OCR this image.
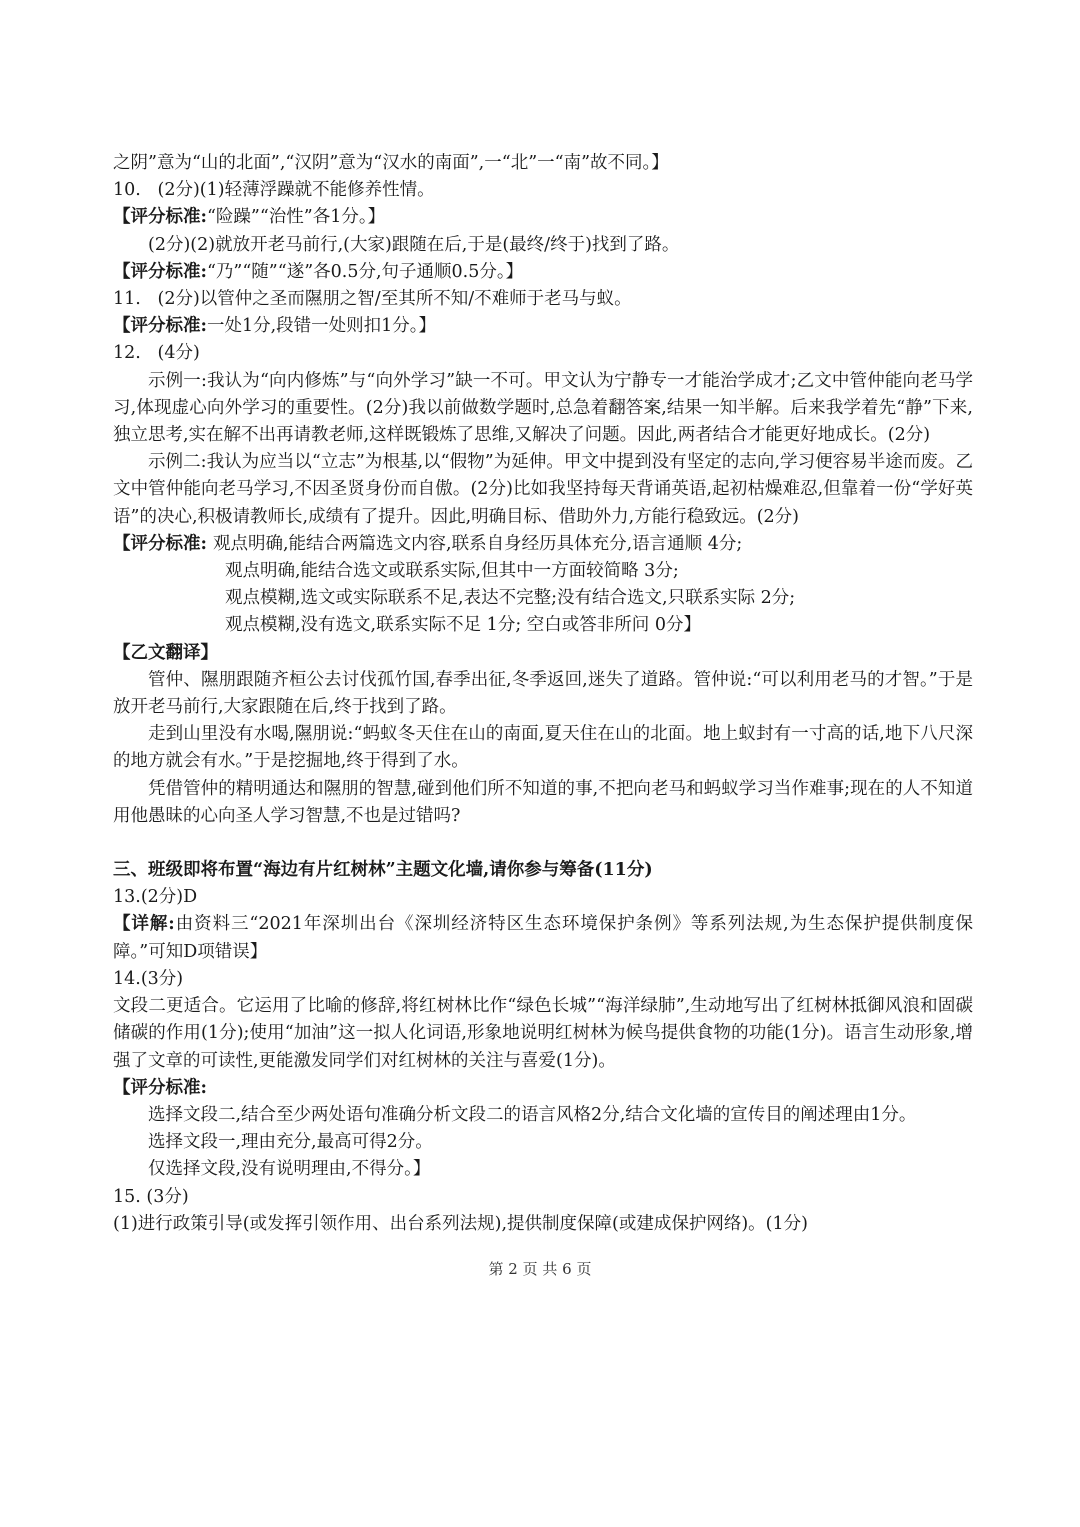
之阴”意为“山的北面”,“汉阴”意为“汉水的南面”,一“北”一“南”故不同。】
10.   (2分)(1)轻薄浮躁就不能修养性情。
【评分标准:“险躁”“治性”各1分。】
(2分)(2)就放开老马前行,(大家)跟随在后,于是(最终/终于)找到了路。
【评分标准:“乃”“随”“遂”各0.5分,句子通顺0.5分。】
11.   (2分)以管仲之圣而隰朋之智/至其所不知/不难师于老马与蚁。
【评分标准:一处1分,段错一处则扣1分。】
12.   (4分)
示例一:我认为“向内修炼”与“向外学习”缺一不可。甲文认为宁静专一才能治学成才;乙文中管仲能向老马学习,体现虚心向外学习的重要性。(2分)我以前做数学题时,总急着翻答案,结果一知半解。后来我学着先“静”下来,独立思考,实在解不出再请教老师,这样既锻炼了思维,又解决了问题。因此,两者结合才能更好地成长。(2分)
示例二:我认为应当以“立志”为根基,以“假物”为延伸。甲文中提到没有坚定的志向,学习便容易半途而废。乙文中管仲能向老马学习,不因圣贤身份而自傲。(2分)比如我坚持每天背诵英语,起初枯燥难忍,但靠着一份“学好英语”的决心,积极请教师长,成绩有了提升。因此,明确目标、借助外力,方能行稳致远。(2分)
【评分标准: 观点明确,能结合两篇选文内容,联系自身经历具体充分,语言通顺 4分;
观点明确,能结合选文或联系实际,但其中一方面较简略 3分;
观点模糊,选文或实际联系不足,表达不完整;没有结合选文,只联系实际 2分;
观点模糊,没有选文,联系实际不足 1分; 空白或答非所问 0分】
【乙文翻译】
管仲、隰朋跟随齐桓公去讨伐孤竹国,春季出征,冬季返回,迷失了道路。管仲说:“可以利用老马的才智。”于是放开老马前行,大家跟随在后,终于找到了路。
走到山里没有水喝,隰朋说:“蚂蚁冬天住在山的南面,夏天住在山的北面。地上蚁封有一寸高的话,地下八尺深的地方就会有水。”于是挖掘地,终于得到了水。
凭借管仲的精明通达和隰朋的智慧,碰到他们所不知道的事,不把向老马和蚂蚁学习当作难事;现在的人不知道用他愚昧的心向圣人学习智慧,不也是过错吗?
三、班级即将布置“海边有片红树林”主题文化墙,请你参与筹备(11分)
13.(2分)D
【详解:由资料三“2021年深圳出台《深圳经济特区生态环境保护条例》等系列法规,为生态保护提供制度保障。”可知D项错误】
14.(3分)
文段二更适合。它运用了比喻的修辞,将红树林比作“绿色长城”“海洋绿肺”,生动地写出了红树林抵御风浪和固碳储碳的作用(1分);使用“加油”这一拟人化词语,形象地说明红树林为候鸟提供食物的功能(1分)。语言生动形象,增强了文章的可读性,更能激发同学们对红树林的关注与喜爱(1分)。
【评分标准:
选择文段二,结合至少两处语句准确分析文段二的语言风格2分,结合文化墙的宣传目的阐述理由1分。
选择文段一,理由充分,最高可得2分。
仅选择文段,没有说明理由,不得分。】
15. (3分)
(1)进行政策引导(或发挥引领作用、出台系列法规),提供制度保障(或建成保护网络)。(1分)
第 2 页 共 6 页
